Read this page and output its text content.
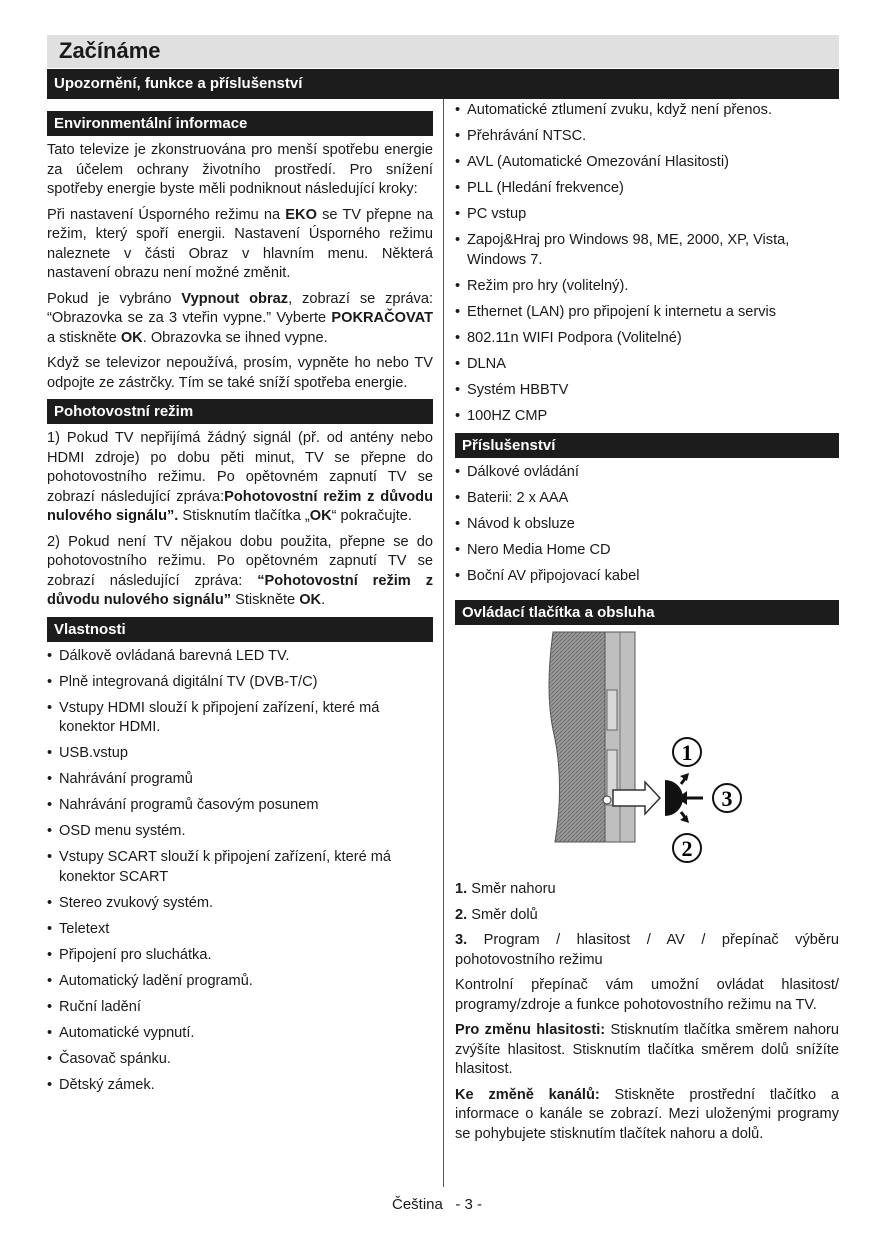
Začínáme
Upozornění, funkce a příslušenství
Environmentální informace

Tato televize je zkonstruována pro menší spotřebu energie za účelem ochrany životního prostředí. Pro snížení spotřeby energie byste měli podniknout následující kroky:

Při nastavení Úsporného režimu na EKO se TV přepne na režim, který spoří energii. Nastavení Úsporného režimu naleznete v části Obraz v hlavním menu. Některá nastavení obrazu není možné změnit.

Pokud je vybráno Vypnout obraz, zobrazí se zpráva: “Obrazovka se za 3 vteřin vypne.” Vyberte POKRAČOVAT a stiskněte OK. Obrazovka se ihned vypne.

Když se televizor nepoužívá, prosím, vypněte ho nebo TV odpojte ze zástrčky. Tím se také sníží spotřeba energie.

Pohotovostní režim

1) Pokud TV nepřijímá žádný signál (př. od antény nebo HDMI zdroje) po dobu pěti minut, TV se přepne do pohotovostního režimu. Po opětovném zapnutí TV se zobrazí následující zpráva:Pohotovostní režim z důvodu nulového signálu”. Stisknutím tlačítka „OK“ pokračujte.

2) Pokud není TV nějakou dobu použita, přepne se do pohotovostního režimu. Po opětovném zapnutí TV se zobrazí následující zpráva: “Pohotovostní režim z důvodu nulového signálu” Stiskněte OK.

Vlastnosti
• Dálkově ovládaná barevná LED TV.
• Plně integrovaná digitální TV (DVB-T/C)
• Vstupy HDMI slouží k připojení zařízení, které má konektor HDMI.
• USB.vstup
• Nahrávání programů
• Nahrávání programů časovým posunem
• OSD menu systém.
• Vstupy SCART slouží k připojení zařízení, které má konektor SCART
• Stereo zvukový systém.
• Teletext
• Připojení pro sluchátka.
• Automatický ladění programů.
• Ruční ladění
• Automatické vypnutí.
• Časovač spánku.
• Dětský zámek.
• Automatické ztlumení zvuku, když není přenos.
• Přehrávání NTSC.
• AVL (Automatické Omezování Hlasitosti)
• PLL (Hledání frekvence)
• PC vstup
• Zapoj&Hraj pro Windows 98, ME, 2000, XP, Vista, Windows 7.
• Režim pro hry (volitelný).
• Ethernet (LAN) pro připojení k internetu a servis
• 802.11n WIFI Podpora (Volitelné)
• DLNA
• Systém HBBTV
• 100HZ CMP
Příslušenství
• Dálkové ovládání
• Baterii: 2 x AAA
• Návod k obsluze
• Nero Media Home CD
• Boční AV připojovací kabel
Ovládací tlačítka a obsluha
1
3
2

1. Směr nahoru

2. Směr dolů

3. Program / hlasitost / AV / přepínač výběru pohotovostního režimu

Kontrolní přepínač vám umožní ovládat hlasitost/ programy/zdroje a funkce pohotovostního režimu na TV.

Pro změnu hlasitosti: Stisknutím tlačítka směrem nahoru zvýšíte hlasitost. Stisknutím tlačítka směrem dolů snížíte hlasitost.

Ke změně kanálů: Stiskněte prostřední tlačítko a informace o kanále se zobrazí. Mezi uloženými programy se pohybujete stisknutím tlačítek nahoru a dolů.

Čeština   - 3 -
